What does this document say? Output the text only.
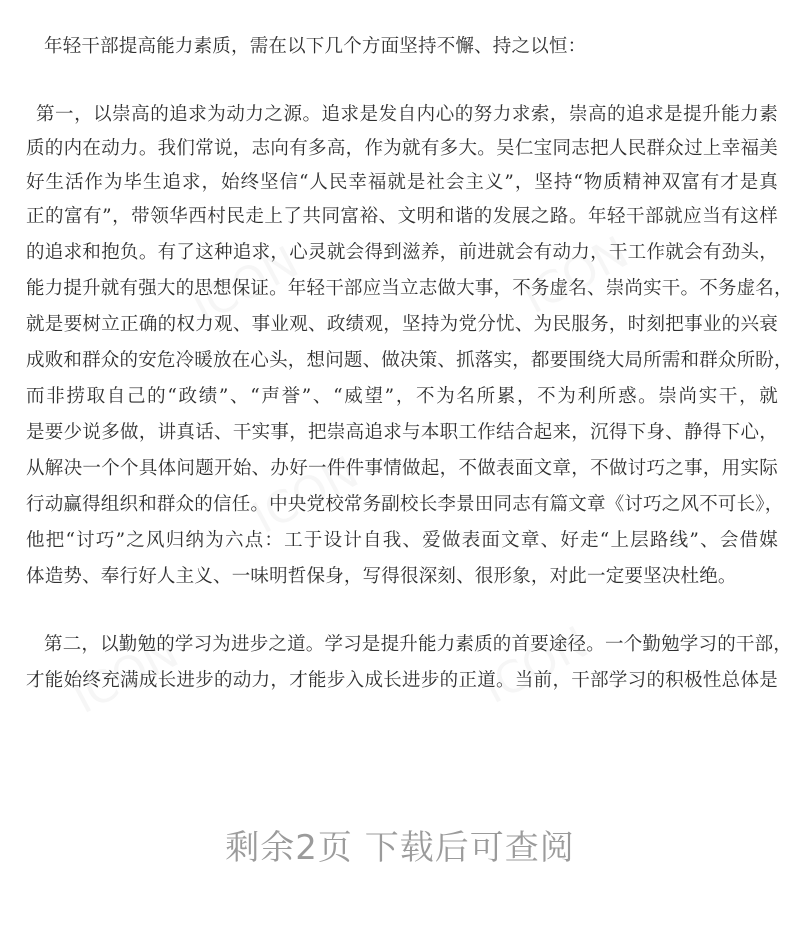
年轻干部提高能力素质，需在以下几个方面坚持不懈、持之以恒：
第一，以崇高的追求为动力之源。追求是发自内心的努力求索，崇高的追求是提升能力素
质的内在动力。我们常说，志向有多高，作为就有多大。吴仁宝同志把人民群众过上幸福美
好生活作为毕生追求，始终坚信“人民幸福就是社会主义”，坚持“物质精神双富有才是真
正的富有”，带领华西村民走上了共同富裕、文明和谐的发展之路。年轻干部就应当有这样
的追求和抱负。有了这种追求，心灵就会得到滋养，前进就会有动力，干工作就会有劲头，
能力提升就有强大的思想保证。年轻干部应当立志做大事，不务虚名、崇尚实干。不务虚名，
就是要树立正确的权力观、事业观、政绩观，坚持为党分忧、为民服务，时刻把事业的兴衰
成败和群众的安危冷暖放在心头，想问题、做决策、抓落实，都要围绕大局所需和群众所盼，
而非捞取自己的“政绩”、“声誉”、“威望”，不为名所累，不为利所惑。崇尚实干，就
是要少说多做，讲真话、干实事，把崇高追求与本职工作结合起来，沉得下身、静得下心，
从解决一个个具体问题开始、办好一件件事情做起，不做表面文章，不做讨巧之事，用实际
行动赢得组织和群众的信任。中央党校常务副校长李景田同志有篇文章《讨巧之风不可长》，
他把“讨巧”之风归纳为六点：工于设计自我、爱做表面文章、好走“上层路线”、会借媒
体造势、奉行好人主义、一味明哲保身，写得很深刻、很形象，对此一定要坚决杜绝。
第二，以勤勉的学习为进步之道。学习是提升能力素质的首要途径。一个勤勉学习的干部，
才能始终充满成长进步的动力，才能步入成长进步的正道。当前，干部学习的积极性总体是
剩余2页 下载后可查阅
